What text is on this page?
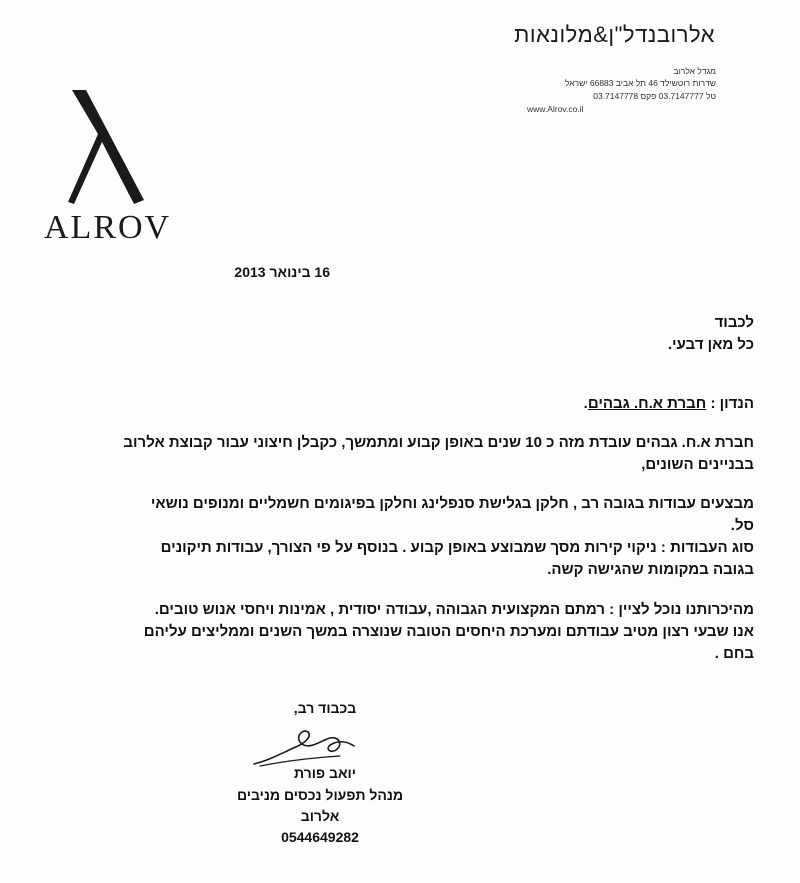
אלרובנדל"ן&מלונאות
מגדל אלרוב
שדרות רוטשילד 46 תל אביב 66883 ישראל
טל 03.7147777 פקס 03.7147778
www.Alrov.co.il
ALROV
16 בינואר 2013
לכבוד
כל מאן דבעי.
הנדון : חברת א.ח. גבהים.
חברת א.ח. גבהים עובדת מזה כ 10 שנים באופן קבוע ומתמשך, כקבלן חיצוני עבור קבוצת אלרוב
בבניינים השונים,
מבצעים עבודות בגובה רב , חלקן בגלישת סנפלינג וחלקן בפיגומים חשמליים ומנופים נושאי
סל.
סוג העבודות : ניקוי קירות מסך שמבוצע באופן קבוע . בנוסף על פי הצורך, עבודות תיקונים
בגובה במקומות שהגישה קשה.
מהיכרותנו נוכל לציין : רמתם המקצועית הגבוהה ,עבודה יסודית , אמינות ויחסי אנוש טובים.
אנו שבעי רצון מטיב עבודתם ומערכת היחסים הטובה שנוצרה במשך השנים וממליצים עליהם
בחם .
בכבוד רב,
יואב פורת
מנהל תפעול נכסים מניבים
אלרוב
0544649282
